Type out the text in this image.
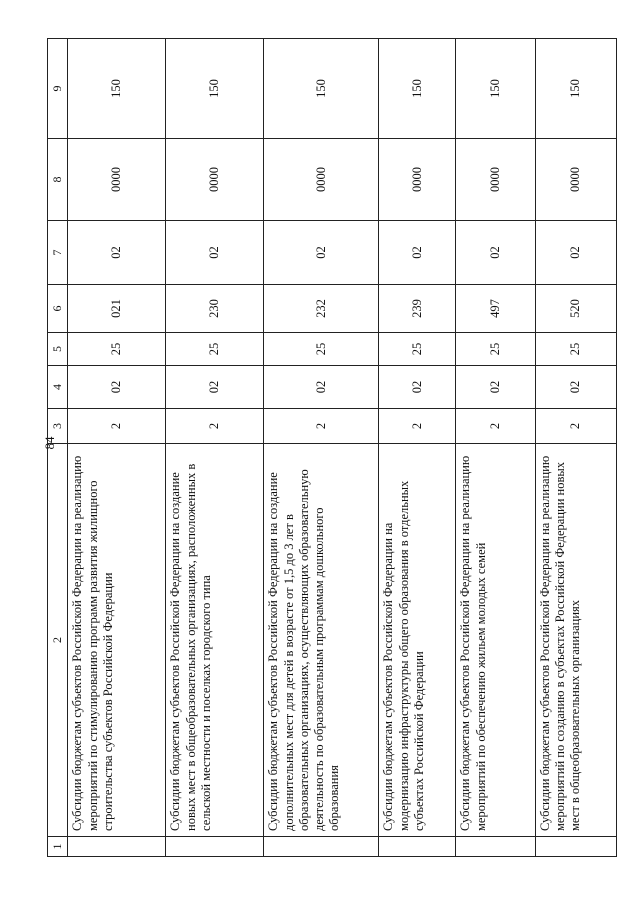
84
1	2	3	4	5	6	7	8	9
	Субсидии бюджетам субъектов Российской Федерации на реализацию мероприятий по стимулированию программ развития жилищного строительства субъектов Российской Федерации	2	02	25	021	02	0000	150
	Субсидии бюджетам субъектов Российской Федерации на создание новых мест в общеобразовательных организациях, расположенных в сельской местности и поселках городского типа	2	02	25	230	02	0000	150
	Субсидии бюджетам субъектов Российской Федерации на создание дополнительных мест для детей в возрасте от 1,5 до 3 лет в образовательных организациях, осуществляющих образовательную деятельность по образовательным программам дошкольного образования	2	02	25	232	02	0000	150
	Субсидии бюджетам субъектов Российской Федерации на модернизацию инфраструктуры общего образования в отдельных субъектах Российской Федерации	2	02	25	239	02	0000	150
	Субсидии бюджетам субъектов Российской Федерации на реализацию мероприятий по обеспечению жильем молодых семей	2	02	25	497	02	0000	150
	Субсидии бюджетам субъектов Российской Федерации на реализацию мероприятий по созданию в субъектах Российской Федерации новых мест в общеобразовательных организациях	2	02	25	520	02	0000	150
